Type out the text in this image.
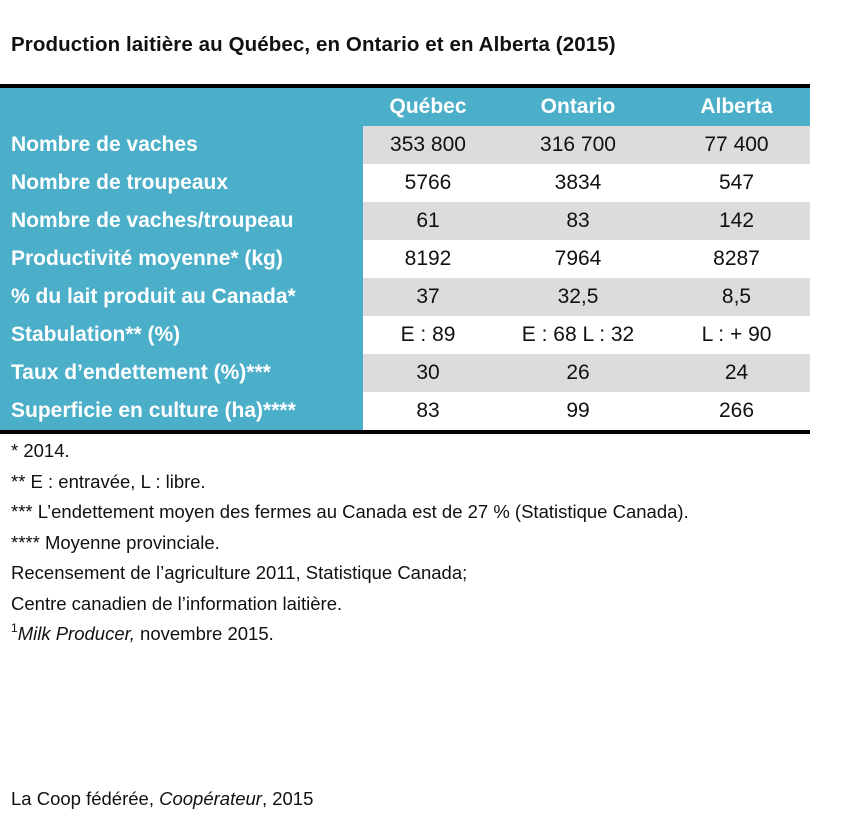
Production laitière au Québec, en Ontario et en Alberta (2015)
	Québec	Ontario	Alberta
Nombre de vaches	353 800	316 700	77 400
Nombre de troupeaux	5766	3834	547
Nombre de vaches/troupeau	61	83	142
Productivité moyenne* (kg)	8192	7964	8287
% du lait produit au Canada*	37	32,5	8,5
Stabulation** (%)	E : 89	E : 68 L : 32	L : + 90
Taux d’endettement (%)***	30	26	24
Superficie en culture (ha)****	83	99	266
* 2014.
** E : entravée, L : libre.
*** L’endettement moyen des fermes au Canada est de 27 % (Statistique Canada).
**** Moyenne provinciale.
Recensement de l’agriculture 2011, Statistique Canada;
Centre canadien de l’information laitière.
$^1$Milk Producer, novembre 2015.
La Coop fédérée, Coopérateur, 2015
